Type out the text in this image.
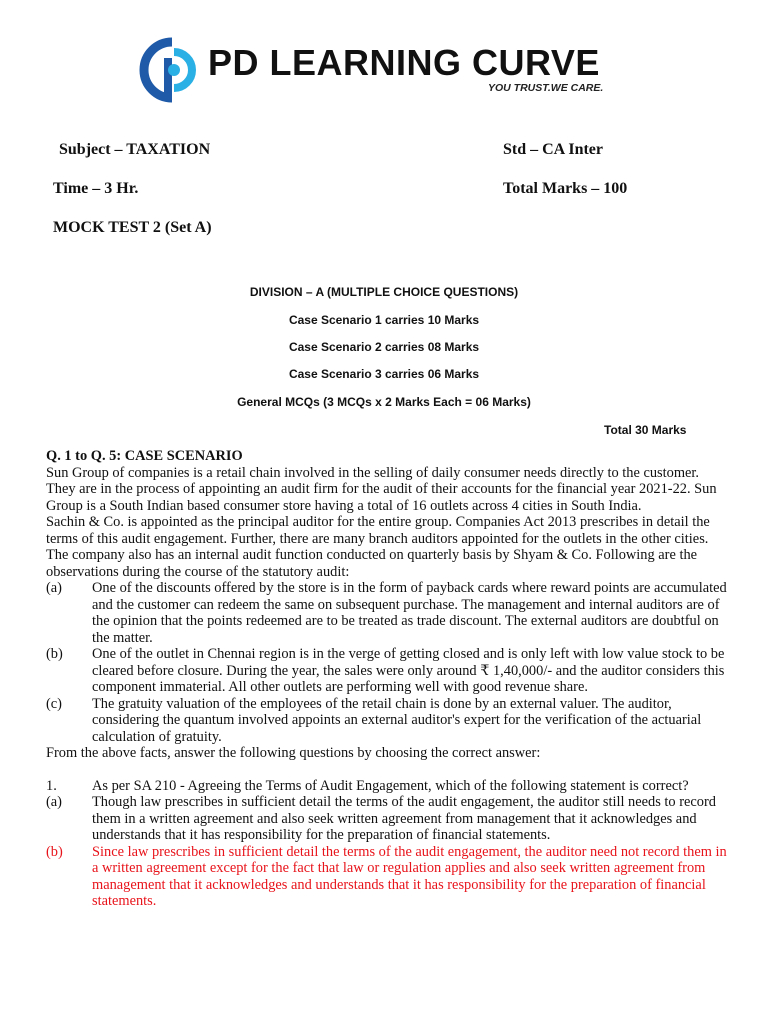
PD LEARNING CURVE
YOU TRUST.WE CARE.
Subject – TAXATION	Std – CA Inter
Time – 3 Hr.	Total Marks – 100
MOCK TEST 2 (Set A)
DIVISION – A (MULTIPLE CHOICE QUESTIONS)
Case Scenario 1 carries 10 Marks
Case Scenario 2 carries 08 Marks
Case Scenario 3 carries 06 Marks
General MCQs (3 MCQs x 2 Marks Each = 06 Marks)
Total 30 Marks

Q. 1 to Q. 5: CASE SCENARIO

Sun Group of companies is a retail chain involved in the selling of daily consumer needs directly to the customer. They are in the process of appointing an audit firm for the audit of their accounts for the financial year 2021-22. Sun Group is a South Indian based consumer store having a total of 16 outlets across 4 cities in South India.

Sachin & Co. is appointed as the principal auditor for the entire group. Companies Act 2013 prescribes in detail the terms of this audit engagement. Further, there are many branch auditors appointed for the outlets in the other cities. The company also has an internal audit function conducted on quarterly basis by Shyam & Co. Following are the observations during the course of the statutory audit:

(a)	One of the discounts offered by the store is in the form of payback cards where reward points are accumulated and the customer can redeem the same on subsequent purchase. The management and internal auditors are of the opinion that the points redeemed are to be treated as trade discount. The external auditors are doubtful on the matter.
(b)	One of the outlet in Chennai region is in the verge of getting closed and is only left with low value stock to be cleared before closure. During the year, the sales were only around ₹ 1,40,000/- and the auditor considers this component immaterial. All other outlets are performing well with good revenue share.
(c)	The gratuity valuation of the employees of the retail chain is done by an external valuer. The auditor, considering the quantum involved appoints an external auditor's expert for the verification of the actuarial calculation of gratuity.

From the above facts, answer the following questions by choosing the correct answer:

1.	As per SA 210 - Agreeing the Terms of Audit Engagement, which of the following statement is correct?
(a)	Though law prescribes in sufficient detail the terms of the audit engagement, the auditor still needs to record them in a written agreement and also seek written agreement from management that it acknowledges and understands that it has responsibility for the preparation of financial statements.
(b)	Since law prescribes in sufficient detail the terms of the audit engagement, the auditor need not record them in a written agreement except for the fact that law or regulation applies and also seek written agreement from management that it acknowledges and understands that it has responsibility for the preparation of financial statements.
